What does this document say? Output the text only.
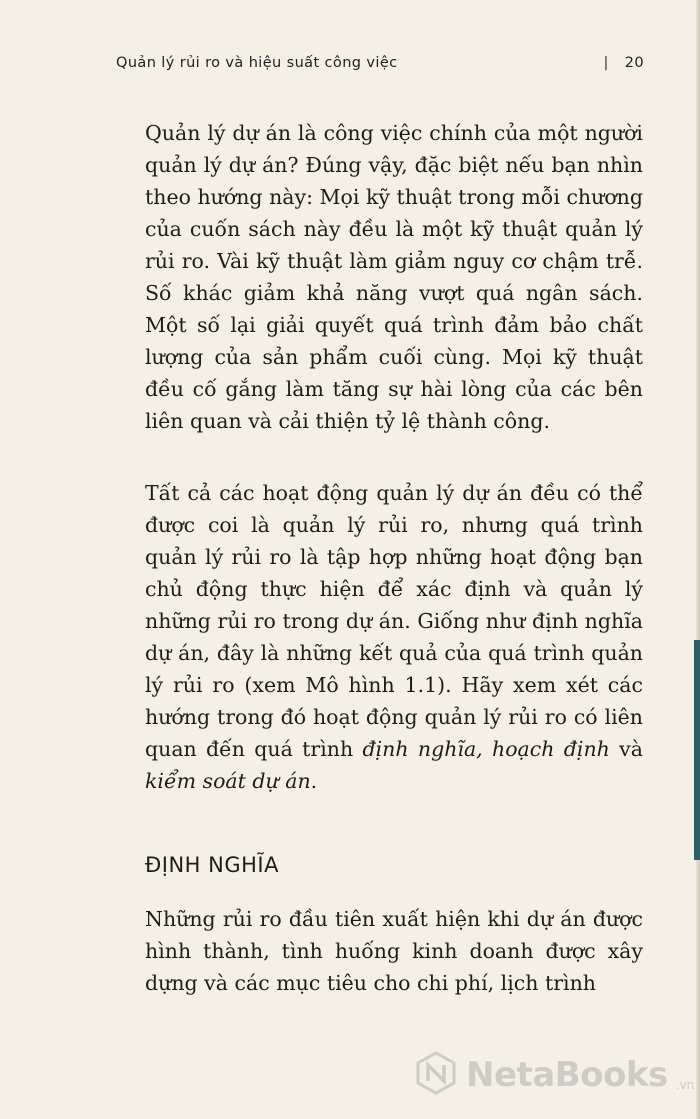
Quản lý rủi ro và hiệu suất công việc	| 20

Quản lý dự án là công việc chính của một người quản lý dự án? Đúng vậy, đặc biệt nếu bạn nhìn theo hướng này: Mọi kỹ thuật trong mỗi chương của cuốn sách này đều là một kỹ thuật quản lý rủi ro. Vài kỹ thuật làm giảm nguy cơ chậm trễ. Số khác giảm khả năng vượt quá ngân sách. Một số lại giải quyết quá trình đảm bảo chất lượng của sản phẩm cuối cùng. Mọi kỹ thuật đều cố gắng làm tăng sự hài lòng của các bên liên quan và cải thiện tỷ lệ thành công.

Tất cả các hoạt động quản lý dự án đều có thể được coi là quản lý rủi ro, nhưng quá trình quản lý rủi ro là tập hợp những hoạt động bạn chủ động thực hiện để xác định và quản lý những rủi ro trong dự án. Giống như định nghĩa dự án, đây là những kết quả của quá trình quản lý rủi ro (xem Mô hình 1.1). Hãy xem xét các hướng trong đó hoạt động quản lý rủi ro có liên quan đến quá trình định nghĩa, hoạch định và kiểm soát dự án.

ĐỊNH NGHĨA

Những rủi ro đầu tiên xuất hiện khi dự án được hình thành, tình huống kinh doanh được xây dựng và các mục tiêu cho chi phí, lịch trình

NetaBooks .vn
